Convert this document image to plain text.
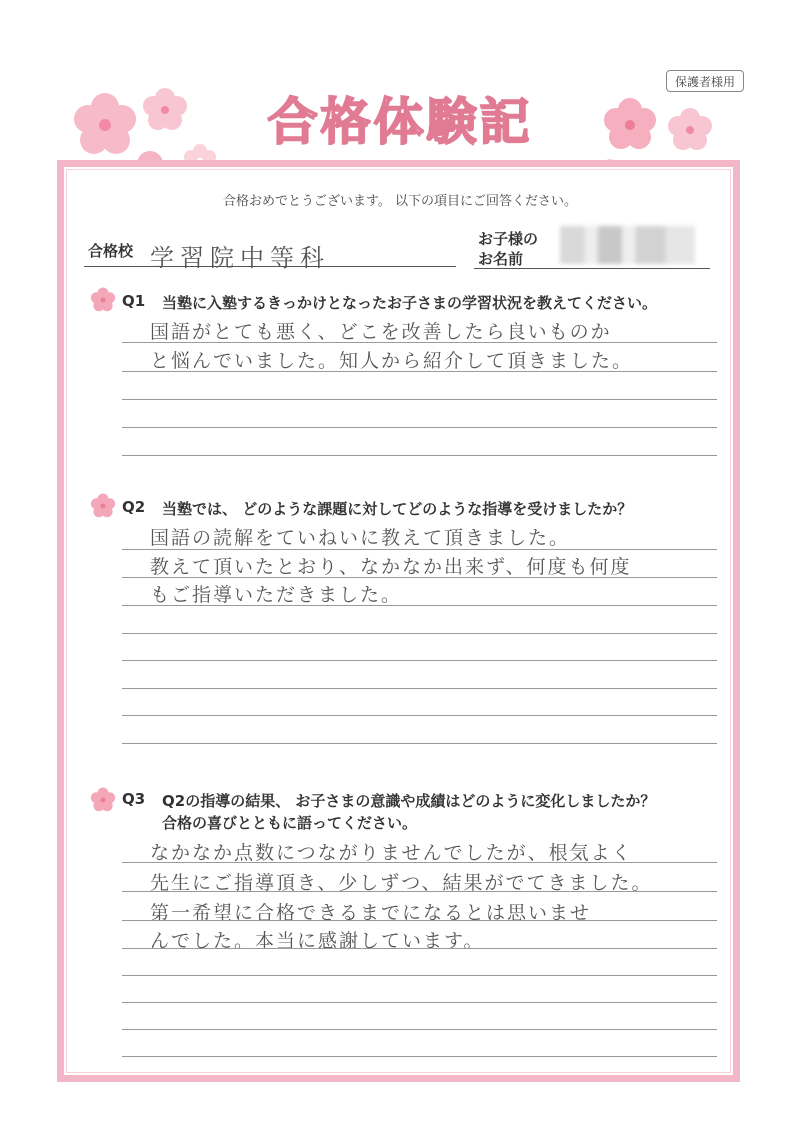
保護者様用
合格体験記
合格おめでとうございます。 以下の項目にご回答ください。
合格校 学習院中等科
お子様の
お名前
Q1 当塾に入塾するきっかけとなったお子さまの学習状況を教えてください。
国語がとても悪く、どこを改善したら良いものか
と悩んでいました。知人から紹介して頂きました。
Q2 当塾では、 どのような課題に対してどのような指導を受けましたか？
国語の読解をていねいに教えて頂きました。
教えて頂いたとおり、なかなか出来ず、何度も何度
もご指導いただきました。
Q3 Q2の指導の結果、 お子さまの意識や成績はどのように変化しましたか？
合格の喜びとともに語ってください。
なかなか点数につながりませんでしたが、根気よく
先生にご指導頂き、少しずつ、結果がでてきました。
第一希望に合格できるまでになるとは思いませ
んでした。本当に感謝しています。
